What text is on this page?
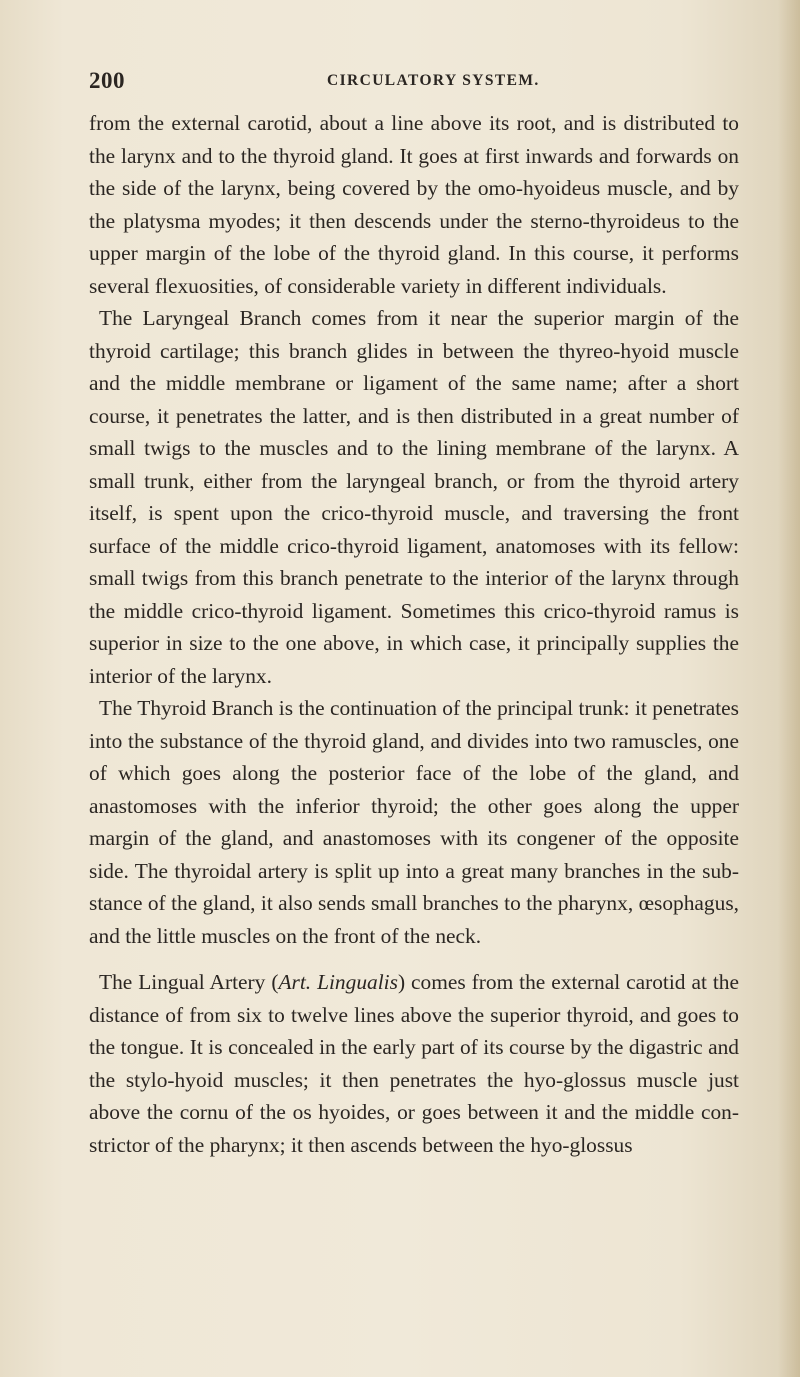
200	CIRCULATORY SYSTEM.

from the external carotid, about a line above its root, and is distributed to the larynx and to the thyroid gland. It goes at first inwards and forwards on the side of the larynx, being covered by the omo-hyoideus muscle, and by the platysma myodes; it then descends under the sterno-thyroideus to the upper margin of the lobe of the thyroid gland. In this course, it performs several flexuosities, of considerable variety in different individuals.

The Laryngeal Branch comes from it near the superior margin of the thyroid cartilage; this branch glides in between the thyreo-hyoid muscle and the middle membrane or ligament of the same name; after a short course, it penetrates the latter, and is then distributed in a great number of small twigs to the muscles and to the lining membrane of the larynx. A small trunk, either from the laryngeal branch, or from the thyroid artery itself, is spent upon the crico-thyroid muscle, and traversing the front surface of the middle crico-thyroid ligament, anatomoses with its fellow: small twigs from this branch penetrate to the interior of the larynx through the middle crico-thyroid ligament. Sometimes this crico-thyroid ramus is superior in size to the one above, in which case, it principally supplies the interior of the larynx.

The Thyroid Branch is the continuation of the principal trunk: it penetrates into the substance of the thyroid gland, and divides into two ramuscles, one of which goes along the posterior face of the lobe of the gland, and anastomoses with the inferior thyroid; the other goes along the upper margin of the gland, and anastomoses with its congener of the opposite side. The thyroidal artery is split up into a great many branches in the substance of the gland, it also sends small branches to the pharynx, œsophagus, and the little muscles on the front of the neck.

The Lingual Artery (Art. Lingualis) comes from the external carotid at the distance of from six to twelve lines above the superior thyroid, and goes to the tongue. It is concealed in the early part of its course by the digastric and the stylo-hyoid muscles; it then penetrates the hyo-glossus muscle just above the cornu of the os hyoides, or goes between it and the middle constrictor of the pharynx; it then ascends between the hyo-glossus
